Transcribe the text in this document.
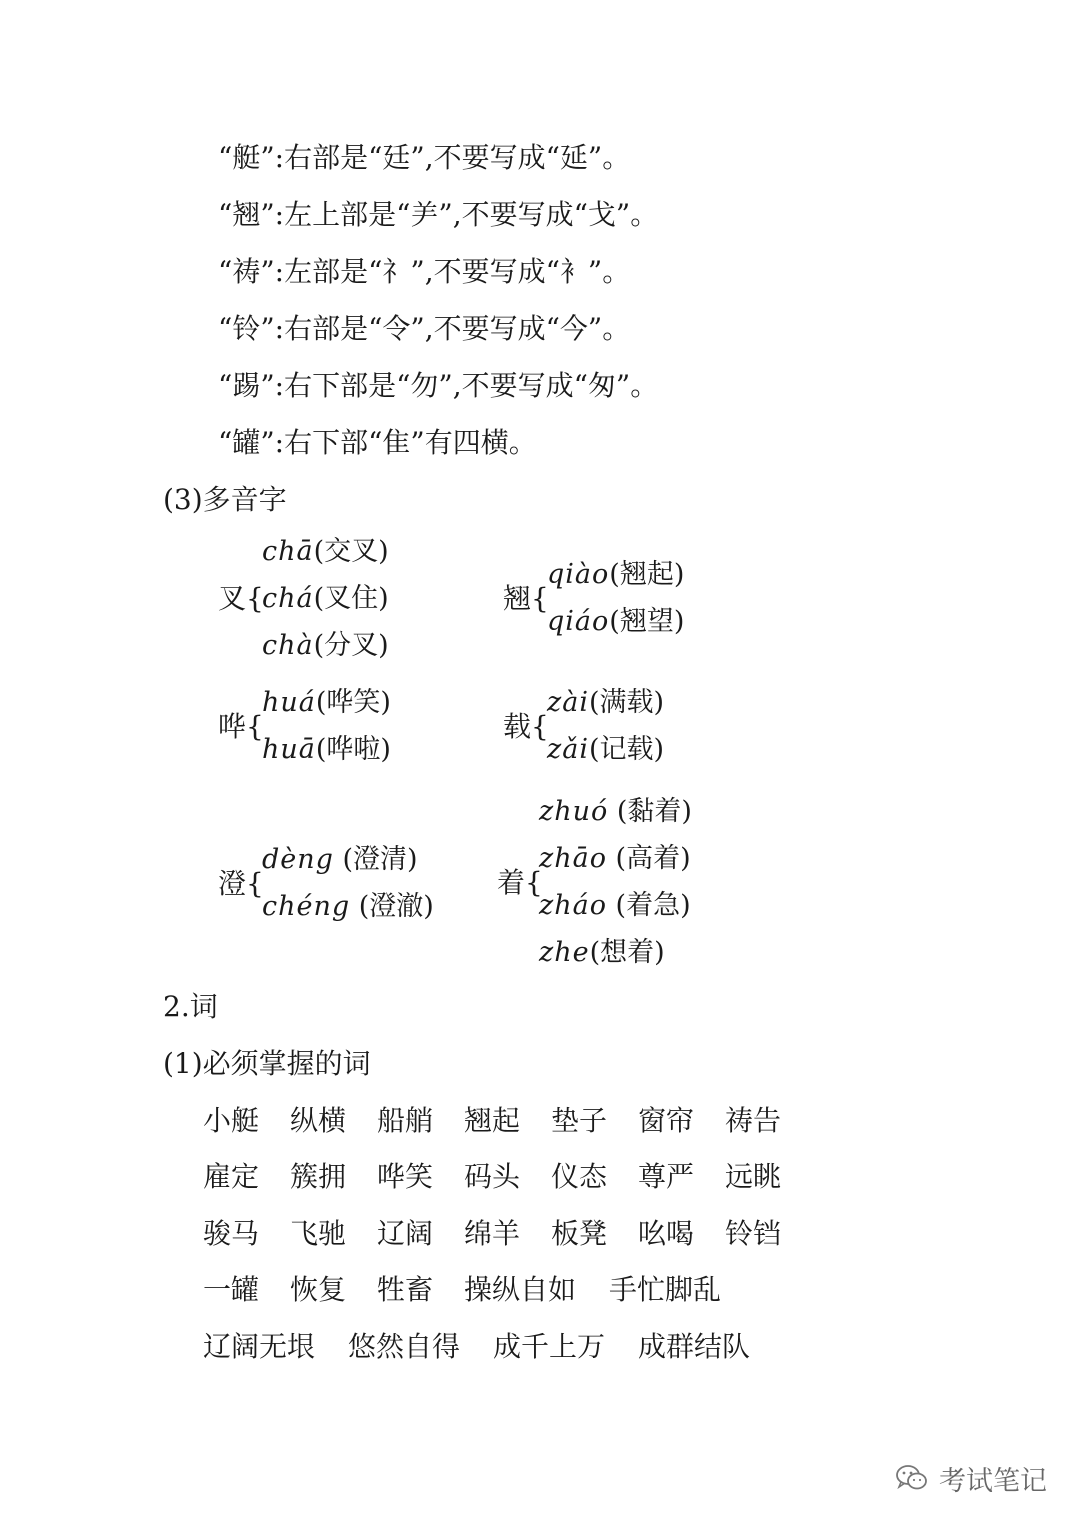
“艇”:右部是“廷”,不要写成“延”。
“翘”:左上部是“⺶”,不要写成“戈”。
“祷”:左部是“礻”,不要写成“衤”。
“铃”:右部是“令”,不要写成“今”。
“踢”:右下部是“勿”,不要写成“匆”。
“罐”:右下部“隹”有四横。
(3)多音字
叉{
chā(交叉)
chá(叉住)
chà(分叉)
翘{
qiào(翘起)
qiáo(翘望)
哗{
huá(哗笑)
huā(哗啦)
载{
zài(满载)
zǎi(记载)
澄{
dèng (澄清)
chéng (澄澈)
着{
zhuó (黏着)
zhāo (高着)
zháo (着急)
zhe(想着)
2.词
(1)必须掌握的词
小艇 纵横 船艄 翘起 垫子 窗帘 祷告
雇定 簇拥 哗笑 码头 仪态 尊严 远眺
骏马 飞驰 辽阔 绵羊 板凳 吆喝 铃铛
一罐 恢复 牲畜 操纵自如 手忙脚乱
辽阔无垠 悠然自得 成千上万 成群结队
考试笔记
